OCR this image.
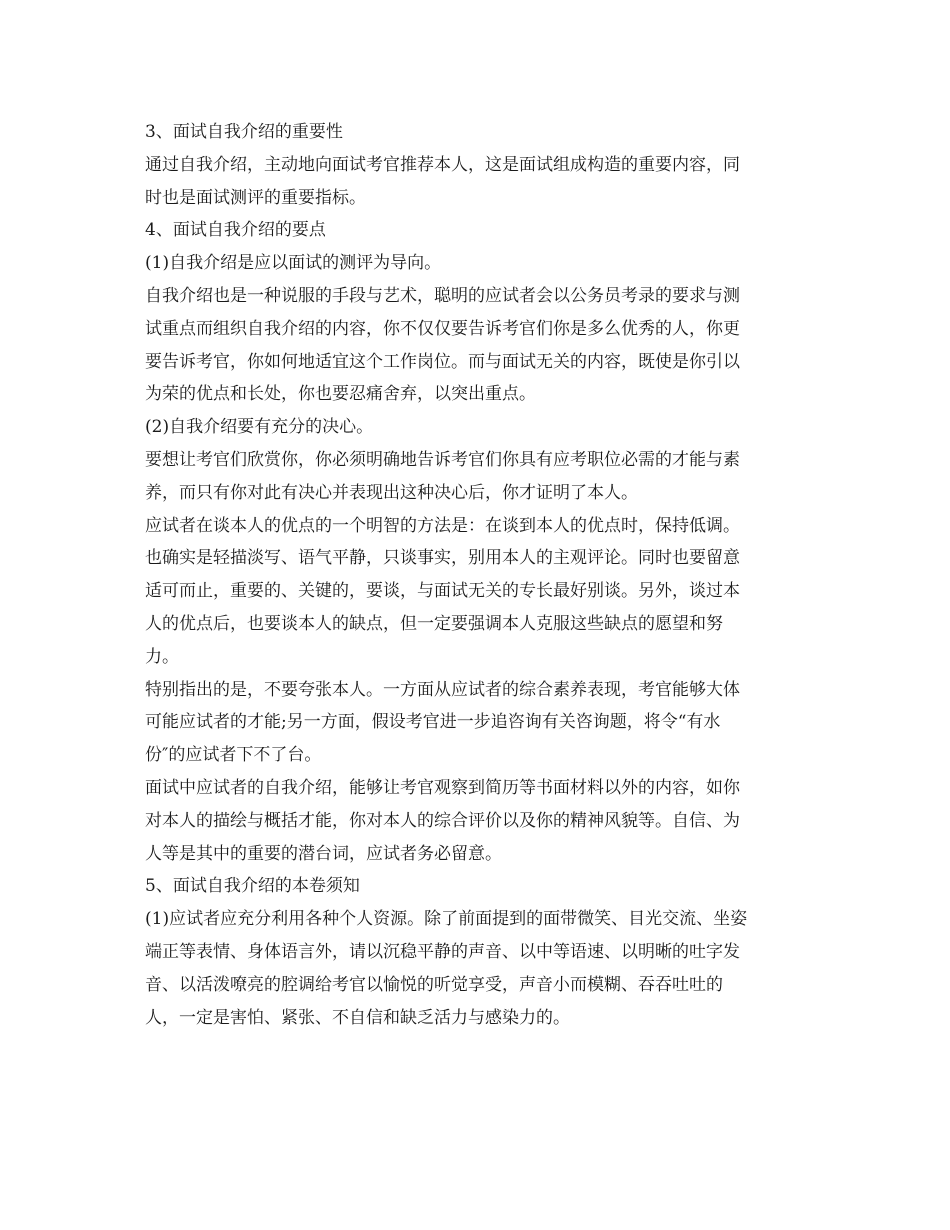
3、面试自我介绍的重要性
通过自我介绍，主动地向面试考官推荐本人，这是面试组成构造的重要内容，同
时也是面试测评的重要指标。
4、面试自我介绍的要点
(1)自我介绍是应以面试的测评为导向。
自我介绍也是一种说服的手段与艺术，聪明的应试者会以公务员考录的要求与测
试重点而组织自我介绍的内容，你不仅仅要告诉考官们你是多么优秀的人，你更
要告诉考官，你如何地适宜这个工作岗位。而与面试无关的内容，既使是你引以
为荣的优点和长处，你也要忍痛舍弃，以突出重点。
(2)自我介绍要有充分的决心。
要想让考官们欣赏你，你必须明确地告诉考官们你具有应考职位必需的才能与素
养，而只有你对此有决心并表现出这种决心后，你才证明了本人。
应试者在谈本人的优点的一个明智的方法是：在谈到本人的优点时，保持低调。
也确实是轻描淡写、语气平静，只谈事实，别用本人的主观评论。同时也要留意
适可而止，重要的、关键的，要谈，与面试无关的专长最好别谈。另外，谈过本
人的优点后，也要谈本人的缺点，但一定要强调本人克服这些缺点的愿望和努
力。
特别指出的是，不要夸张本人。一方面从应试者的综合素养表现，考官能够大体
可能应试者的才能;另一方面，假设考官进一步追咨询有关咨询题，将令“有水
份″的应试者下不了台。
面试中应试者的自我介绍，能够让考官观察到简历等书面材料以外的内容，如你
对本人的描绘与概括才能，你对本人的综合评价以及你的精神风貌等。自信、为
人等是其中的重要的潜台词，应试者务必留意。
5、面试自我介绍的本卷须知
(1)应试者应充分利用各种个人资源。除了前面提到的面带微笑、目光交流、坐姿
端正等表情、身体语言外，请以沉稳平静的声音、以中等语速、以明晰的吐字发
音、以活泼嘹亮的腔调给考官以愉悦的听觉享受，声音小而模糊、吞吞吐吐的
人，一定是害怕、紧张、不自信和缺乏活力与感染力的。
